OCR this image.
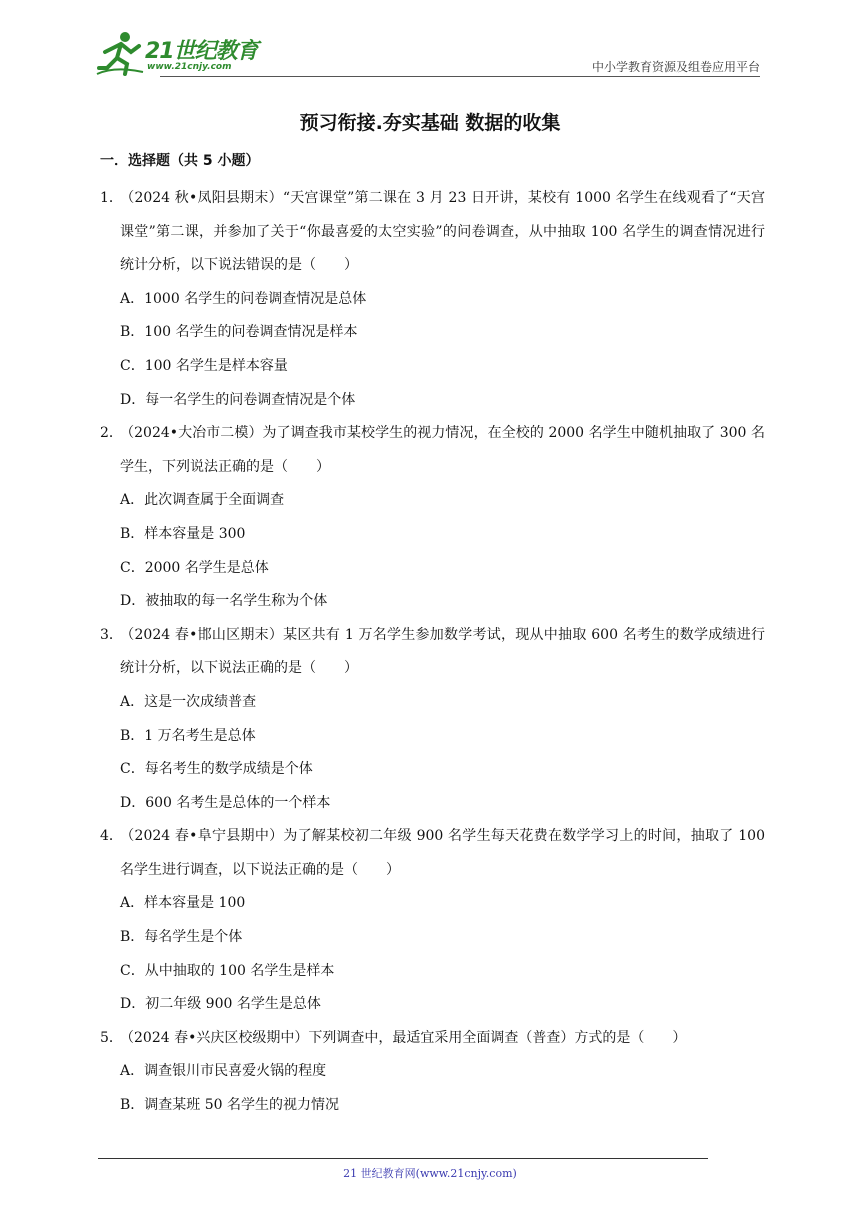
21世纪教育
www.21cnjy.com	中小学教育资源及组卷应用平台
预习衔接.夯实基础 数据的收集
一．选择题（共 5 小题）
1．（2024 秋•凤阳县期末）“天宫课堂”第二课在 3 月 23 日开讲，某校有 1000 名学生在线观看了“天宫课堂”第二课，并参加了关于“你最喜爱的太空实验”的问卷调查，从中抽取 100 名学生的调查情况进行统计分析，以下说法错误的是（　　）
A．1000 名学生的问卷调查情况是总体
B．100 名学生的问卷调查情况是样本
C．100 名学生是样本容量
D．每一名学生的问卷调查情况是个体
2．（2024•大冶市二模）为了调查我市某校学生的视力情况，在全校的 2000 名学生中随机抽取了 300 名学生，下列说法正确的是（　　）
A．此次调查属于全面调查
B．样本容量是 300
C．2000 名学生是总体
D．被抽取的每一名学生称为个体
3．（2024 春•邯山区期末）某区共有 1 万名学生参加数学考试，现从中抽取 600 名考生的数学成绩进行统计分析，以下说法正确的是（　　）
A．这是一次成绩普查
B．1 万名考生是总体
C．每名考生的数学成绩是个体
D．600 名考生是总体的一个样本
4．（2024 春•阜宁县期中）为了解某校初二年级 900 名学生每天花费在数学学习上的时间，抽取了 100 名学生进行调查，以下说法正确的是（　　）
A．样本容量是 100
B．每名学生是个体
C．从中抽取的 100 名学生是样本
D．初二年级 900 名学生是总体
5．（2024 春•兴庆区校级期中）下列调查中，最适宜采用全面调查（普查）方式的是（　　）
A．调查银川市民喜爱火锅的程度
B．调查某班 50 名学生的视力情况
21 世纪教育网(www.21cnjy.com)
